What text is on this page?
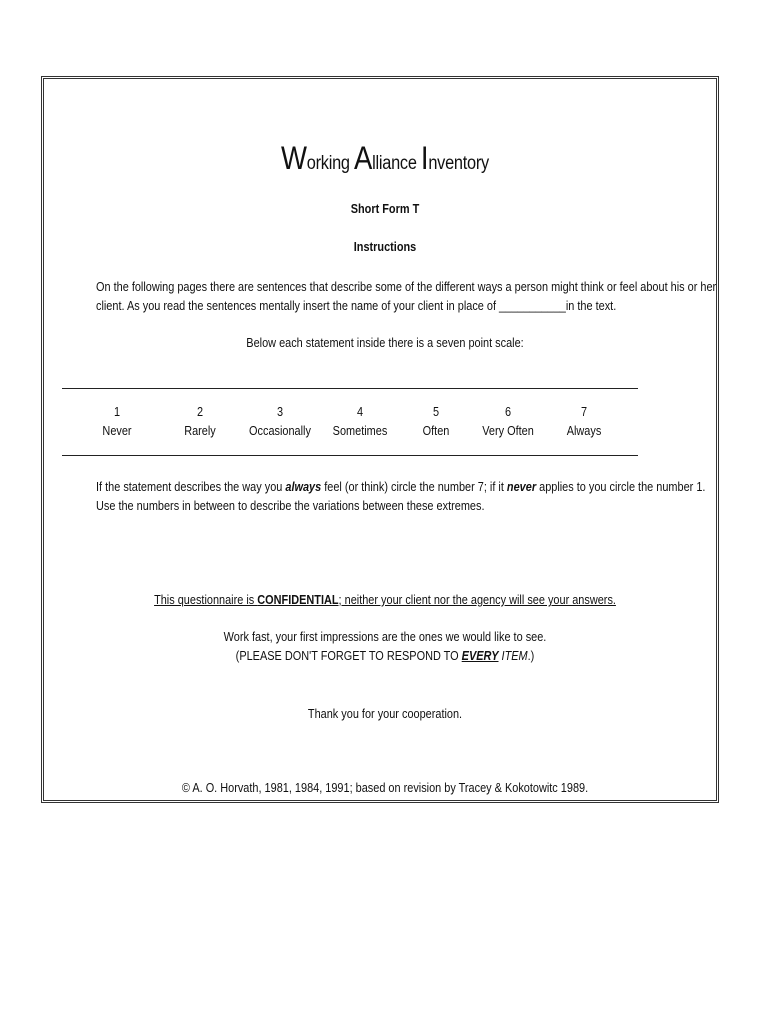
Working Alliance Inventory
Short Form T
Instructions
On the following pages there are sentences that describe some of the different ways a person might think or feel about his or her
client. As you read the sentences mentally insert the name of your client in place of ___________in the text.
Below each statement inside there is a seven point scale:
1
Never
2
Rarely
3
Occasionally
4
Sometimes
5
Often
6
Very Often
7
Always
If the statement describes the way you always feel (or think) circle the number 7; if it never applies to you circle the number 1.
Use the numbers in between to describe the variations between these extremes.
This questionnaire is CONFIDENTIAL; neither your client nor the agency will see your answers.
Work fast, your first impressions are the ones we would like to see.
(PLEASE DON'T FORGET TO RESPOND TO EVERY ITEM.)
Thank you for your cooperation.
© A. O. Horvath, 1981, 1984, 1991; based on revision by Tracey & Kokotowitc 1989.
